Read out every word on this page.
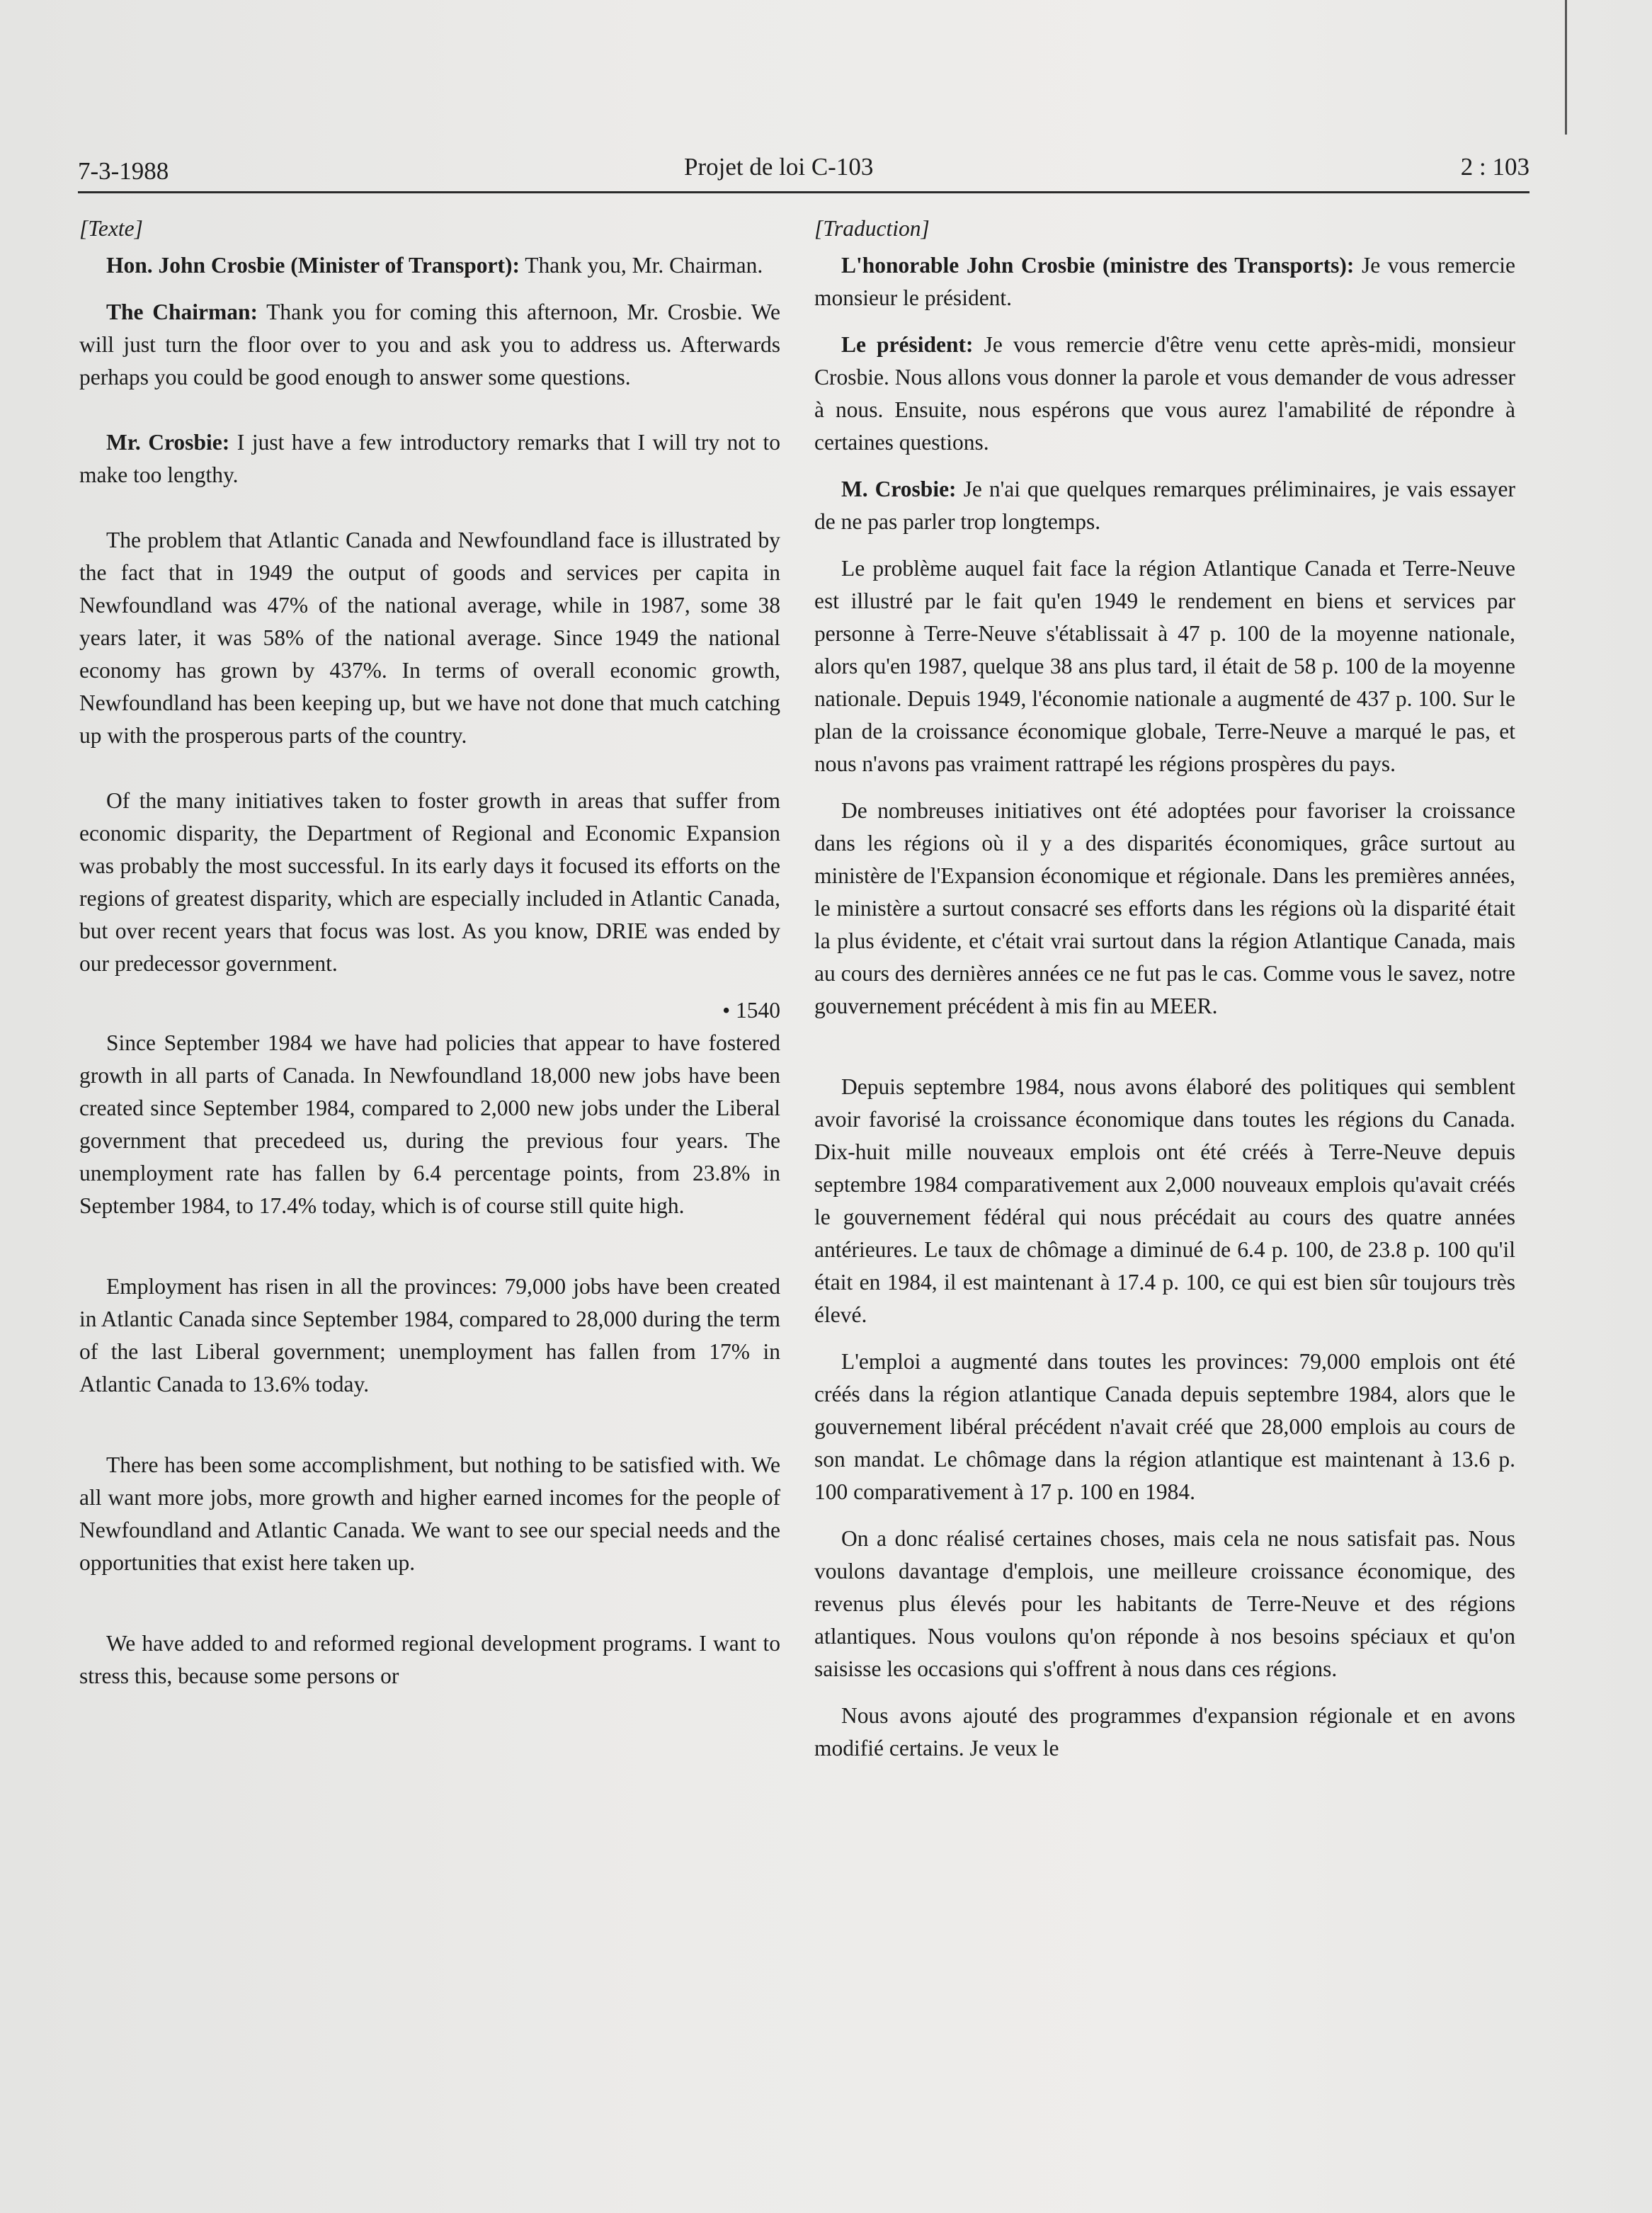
7-3-1988	Projet de loi C-103	2 : 103

[Texte]

Hon. John Crosbie (Minister of Transport): Thank you, Mr. Chairman.

The Chairman: Thank you for coming this afternoon, Mr. Crosbie. We will just turn the floor over to you and ask you to address us. Afterwards perhaps you could be good enough to answer some questions.

Mr. Crosbie: I just have a few introductory remarks that I will try not to make too lengthy.

The problem that Atlantic Canada and Newfoundland face is illustrated by the fact that in 1949 the output of goods and services per capita in Newfoundland was 47% of the national average, while in 1987, some 38 years later, it was 58% of the national average. Since 1949 the national economy has grown by 437%. In terms of overall economic growth, Newfoundland has been keeping up, but we have not done that much catching up with the prosperous parts of the country.

Of the many initiatives taken to foster growth in areas that suffer from economic disparity, the Department of Regional and Economic Expansion was probably the most successful. In its early days it focused its efforts on the regions of greatest disparity, which are especially included in Atlantic Canada, but over recent years that focus was lost. As you know, DRIE was ended by our predecessor government.

• 1540

Since September 1984 we have had policies that appear to have fostered growth in all parts of Canada. In Newfoundland 18,000 new jobs have been created since September 1984, compared to 2,000 new jobs under the Liberal government that precedeed us, during the previous four years. The unemployment rate has fallen by 6.4 percentage points, from 23.8% in September 1984, to 17.4% today, which is of course still quite high.

Employment has risen in all the provinces: 79,000 jobs have been created in Atlantic Canada since September 1984, compared to 28,000 during the term of the last Liberal government; unemployment has fallen from 17% in Atlantic Canada to 13.6% today.

There has been some accomplishment, but nothing to be satisfied with. We all want more jobs, more growth and higher earned incomes for the people of Newfoundland and Atlantic Canada. We want to see our special needs and the opportunities that exist here taken up.

We have added to and reformed regional development programs. I want to stress this, because some persons or

[Traduction]

L'honorable John Crosbie (ministre des Transports): Je vous remercie monsieur le président.

Le président: Je vous remercie d'être venu cette après-midi, monsieur Crosbie. Nous allons vous donner la parole et vous demander de vous adresser à nous. Ensuite, nous espérons que vous aurez l'amabilité de répondre à certaines questions.

M. Crosbie: Je n'ai que quelques remarques préliminaires, je vais essayer de ne pas parler trop longtemps.

Le problème auquel fait face la région Atlantique Canada et Terre-Neuve est illustré par le fait qu'en 1949 le rendement en biens et services par personne à Terre-Neuve s'établissait à 47 p. 100 de la moyenne nationale, alors qu'en 1987, quelque 38 ans plus tard, il était de 58 p. 100 de la moyenne nationale. Depuis 1949, l'économie nationale a augmenté de 437 p. 100. Sur le plan de la croissance économique globale, Terre-Neuve a marqué le pas, et nous n'avons pas vraiment rattrapé les régions prospères du pays.

De nombreuses initiatives ont été adoptées pour favoriser la croissance dans les régions où il y a des disparités économiques, grâce surtout au ministère de l'Expansion économique et régionale. Dans les premières années, le ministère a surtout consacré ses efforts dans les régions où la disparité était la plus évidente, et c'était vrai surtout dans la région Atlantique Canada, mais au cours des dernières années ce ne fut pas le cas. Comme vous le savez, notre gouvernement précédent à mis fin au MEER.

Depuis septembre 1984, nous avons élaboré des politiques qui semblent avoir favorisé la croissance économique dans toutes les régions du Canada. Dix-huit mille nouveaux emplois ont été créés à Terre-Neuve depuis septembre 1984 comparativement aux 2,000 nouveaux emplois qu'avait créés le gouvernement fédéral qui nous précédait au cours des quatre années antérieures. Le taux de chômage a diminué de 6.4 p. 100, de 23.8 p. 100 qu'il était en 1984, il est maintenant à 17.4 p. 100, ce qui est bien sûr toujours très élevé.

L'emploi a augmenté dans toutes les provinces: 79,000 emplois ont été créés dans la région atlantique Canada depuis septembre 1984, alors que le gouvernement libéral précédent n'avait créé que 28,000 emplois au cours de son mandat. Le chômage dans la région atlantique est maintenant à 13.6 p. 100 comparativement à 17 p. 100 en 1984.

On a donc réalisé certaines choses, mais cela ne nous satisfait pas. Nous voulons davantage d'emplois, une meilleure croissance économique, des revenus plus élevés pour les habitants de Terre-Neuve et des régions atlantiques. Nous voulons qu'on réponde à nos besoins spéciaux et qu'on saisisse les occasions qui s'offrent à nous dans ces régions.

Nous avons ajouté des programmes d'expansion régionale et en avons modifié certains. Je veux le
